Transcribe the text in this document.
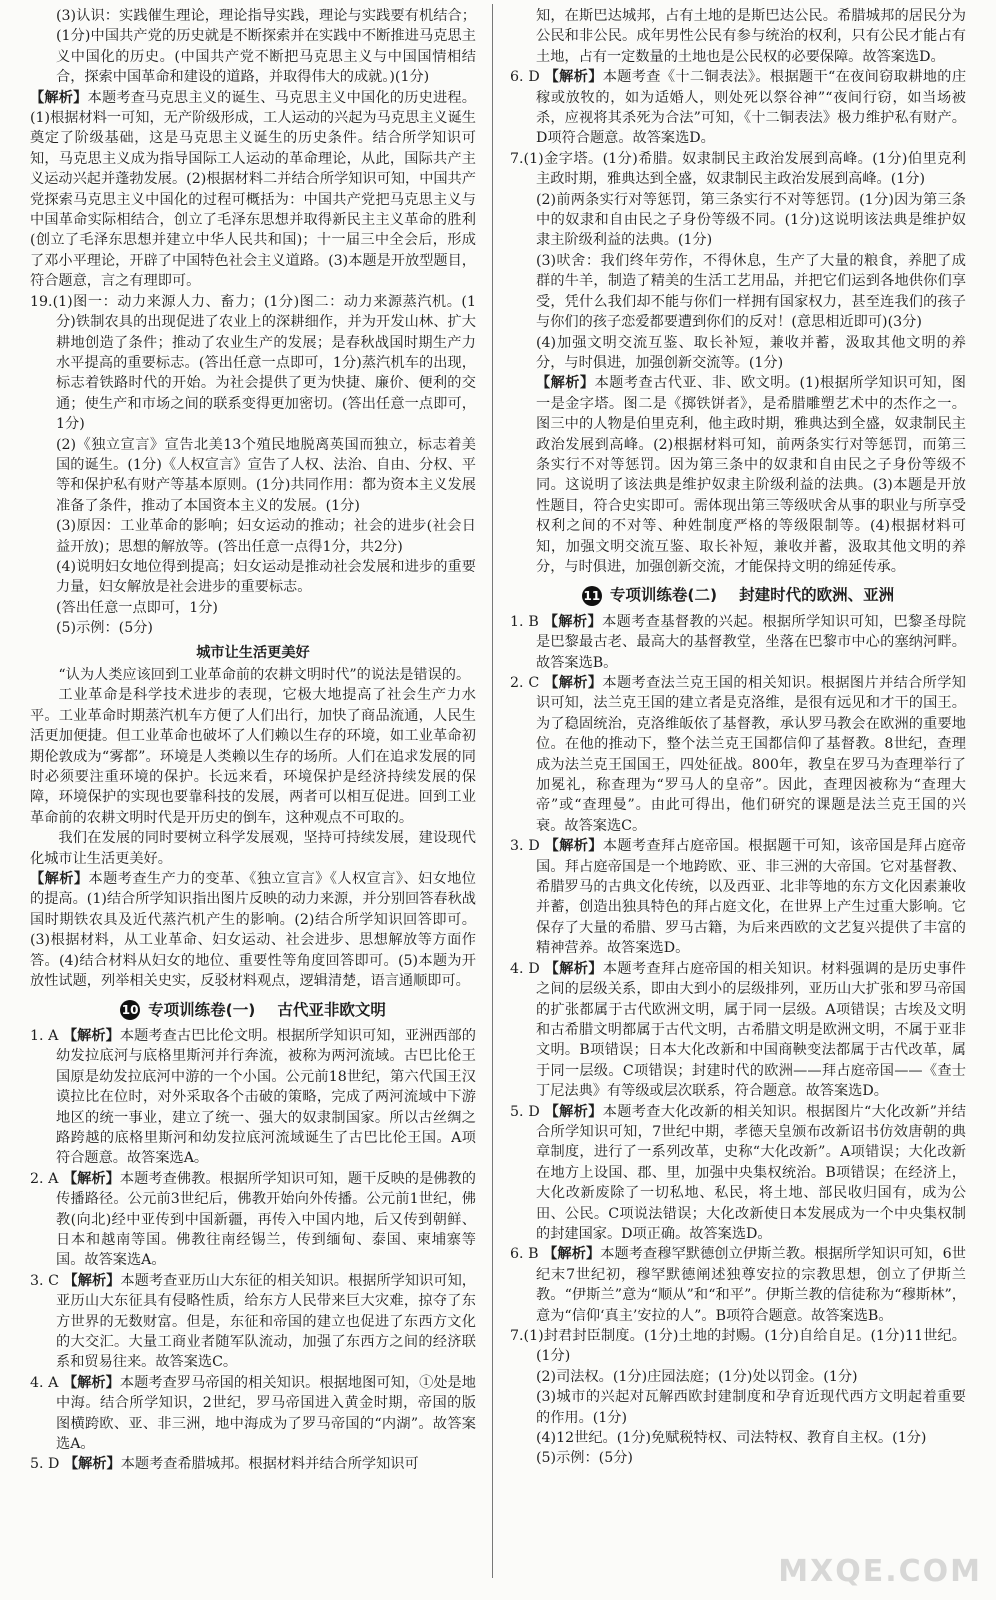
(3)认识：实践催生理论，理论指导实践，理论与实践要有机结合；(1分)中国共产党的历史就是不断探索并在实践中不断推进马克思主义中国化的历史。(中国共产党不断把马克思主义与中国国情相结合，探索中国革命和建设的道路，并取得伟大的成就。)(1分)

【解析】本题考查马克思主义的诞生、马克思主义中国化的历史进程。(1)根据材料一可知，无产阶级形成，工人运动的兴起为马克思主义诞生奠定了阶级基础，这是马克思主义诞生的历史条件。结合所学知识可知，马克思主义成为指导国际工人运动的革命理论，从此，国际共产主义运动兴起并蓬勃发展。(2)根据材料二并结合所学知识可知，中国共产党探索马克思主义中国化的过程可概括为：中国共产党把马克思主义与中国革命实际相结合，创立了毛泽东思想并取得新民主主义革命的胜利(创立了毛泽东思想并建立中华人民共和国)；十一届三中全会后，形成了邓小平理论，开辟了中国特色社会主义道路。(3)本题是开放型题目，符合题意，言之有理即可。

19.(1)图一：动力来源人力、畜力；(1分)图二：动力来源蒸汽机。(1分)铁制农具的出现促进了农业上的深耕细作，并为开发山林、扩大耕地创造了条件；推动了农业生产的发展；是春秋战国时期生产力水平提高的重要标志。(答出任意一点即可，1分)蒸汽机车的出现，标志着铁路时代的开始。为社会提供了更为快捷、廉价、便利的交通；使生产和市场之间的联系变得更加密切。(答出任意一点即可，1分)

(2)《独立宣言》宣告北美13个殖民地脱离英国而独立，标志着美国的诞生。(1分)《人权宣言》宣告了人权、法治、自由、分权、平等和保护私有财产等基本原则。(1分)共同作用：都为资本主义发展准备了条件，推动了本国资本主义的发展。(1分)

(3)原因：工业革命的影响；妇女运动的推动；社会的进步(社会日益开放)；思想的解放等。(答出任意一点得1分，共2分)

(4)说明妇女地位得到提高；妇女运动是推动社会发展和进步的重要力量，妇女解放是社会进步的重要标志。

(答出任意一点即可，1分)

(5)示例：(5分)

城市让生活更美好

“认为人类应该回到工业革命前的农耕文明时代”的说法是错误的。

工业革命是科学技术进步的表现，它极大地提高了社会生产力水平。工业革命时期蒸汽机车方便了人们出行，加快了商品流通，人民生活更加便捷。但工业革命也破坏了人们赖以生存的环境，如工业革命初期伦敦成为“雾都”。环境是人类赖以生存的场所。人们在追求发展的同时必须要注重环境的保护。长远来看，环境保护是经济持续发展的保障，环境保护的实现也要靠科技的发展，两者可以相互促进。回到工业革命前的农耕文明时代是开历史的倒车，这种观点不可取的。

我们在发展的同时要树立科学发展观，坚持可持续发展，建设现代化城市让生活更美好。

【解析】本题考查生产力的变革、《独立宣言》《人权宣言》、妇女地位的提高。(1)结合所学知识指出图片反映的动力来源，并分别回答春秋战国时期铁农具及近代蒸汽机产生的影响。(2)结合所学知识回答即可。(3)根据材料，从工业革命、妇女运动、社会进步、思想解放等方面作答。(4)结合材料从妇女的地位、重要性等角度回答即可。(5)本题为开放性试题，列举相关史实，反驳材料观点，逻辑清楚，语言通顺即可。

10 专项训练卷(一) 古代亚非欧文明

1. A 【解析】本题考查古巴比伦文明。根据所学知识可知，亚洲西部的幼发拉底河与底格里斯河并行奔流，被称为两河流域。古巴比伦王国原是幼发拉底河中游的一个小国。公元前18世纪，第六代国王汉谟拉比在位时，对外采取各个击破的策略，完成了两河流域中下游地区的统一事业，建立了统一、强大的奴隶制国家。所以古丝绸之路跨越的底格里斯河和幼发拉底河流域诞生了古巴比伦王国。A项符合题意。故答案选A。

2. A 【解析】本题考查佛教。根据所学知识可知，题干反映的是佛教的传播路径。公元前3世纪后，佛教开始向外传播。公元前1世纪，佛教(向北)经中亚传到中国新疆，再传入中国内地，后又传到朝鲜、日本和越南等国。佛教往南经锡兰，传到缅甸、泰国、柬埔寨等国。故答案选A。

3. C 【解析】本题考查亚历山大东征的相关知识。根据所学知识可知，亚历山大东征具有侵略性质，给东方人民带来巨大灾难，掠夺了东方世界的无数财富。但是，东征和帝国的建立也促进了东西方文化的大交汇。大量工商业者随军队流动，加强了东西方之间的经济联系和贸易往来。故答案选C。

4. A 【解析】本题考查罗马帝国的相关知识。根据地图可知，①处是地中海。结合所学知识，2世纪，罗马帝国进入黄金时期，帝国的版图横跨欧、亚、非三洲，地中海成为了罗马帝国的“内湖”。故答案选A。

5. D 【解析】本题考查希腊城邦。根据材料并结合所学知识可

知，在斯巴达城邦，占有土地的是斯巴达公民。希腊城邦的居民分为公民和非公民。成年男性公民有参与统治的权利，只有公民才能占有土地，占有一定数量的土地也是公民权的必要保障。故答案选D。

6. D 【解析】本题考查《十二铜表法》。根据题干“在夜间窃取耕地的庄稼或放牧的，如为适婚人，则处死以祭谷神”“夜间行窃，如当场被杀，应视将其杀死为合法”可知，《十二铜表法》极力维护私有财产。D项符合题意。故答案选D。

7.(1)金字塔。(1分)希腊。奴隶制民主政治发展到高峰。(1分)伯里克利主政时期，雅典达到全盛，奴隶制民主政治发展到高峰。(1分)

(2)前两条实行对等惩罚，第三条实行不对等惩罚。(1分)因为第三条中的奴隶和自由民之子身份等级不同。(1分)这说明该法典是维护奴隶主阶级利益的法典。(1分)

(3)吠舍：我们终年劳作，不得休息，生产了大量的粮食，养肥了成群的牛羊，制造了精美的生活工艺用品，并把它们运到各地供你们享受，凭什么我们却不能与你们一样拥有国家权力，甚至连我们的孩子与你们的孩子恋爱都要遭到你们的反对！(意思相近即可)(3分)

(4)加强文明交流互鉴、取长补短，兼收并蓄，汲取其他文明的养分，与时俱进，加强创新交流等。(1分)

【解析】本题考查古代亚、非、欧文明。(1)根据所学知识可知，图一是金字塔。图二是《掷铁饼者》，是希腊雕塑艺术中的杰作之一。图三中的人物是伯里克利，他主政时期，雅典达到全盛，奴隶制民主政治发展到高峰。(2)根据材料可知，前两条实行对等惩罚，而第三条实行不对等惩罚。因为第三条中的奴隶和自由民之子身份等级不同。这说明了该法典是维护奴隶主阶级利益的法典。(3)本题是开放性题目，符合史实即可。需体现出第三等级吠舍从事的职业与所享受权利之间的不对等、种姓制度严格的等级限制等。(4)根据材料可知，加强文明交流互鉴、取长补短，兼收并蓄，汲取其他文明的养分，与时俱进，加强创新交流，才能保持文明的绵延传承。

11 专项训练卷(二) 封建时代的欧洲、亚洲

1. B 【解析】本题考查基督教的兴起。根据所学知识可知，巴黎圣母院是巴黎最古老、最高大的基督教堂，坐落在巴黎市中心的塞纳河畔。故答案选B。

2. C 【解析】本题考查法兰克王国的相关知识。根据图片并结合所学知识可知，法兰克王国的建立者是克洛维，是很有远见和才干的国王。为了稳固统治，克洛维皈依了基督教，承认罗马教会在欧洲的重要地位。在他的推动下，整个法兰克王国都信仰了基督教。8世纪，查理成为法兰克王国国王，四处征战。800年，教皇在罗马为查理举行了加冕礼，称查理为“罗马人的皇帝”。因此，查理因被称为“查理大帝”或“查理曼”。由此可得出，他们研究的课题是法兰克王国的兴衰。故答案选C。

3. D 【解析】本题考查拜占庭帝国。根据题干可知，该帝国是拜占庭帝国。拜占庭帝国是一个地跨欧、亚、非三洲的大帝国。它对基督教、希腊罗马的古典文化传统，以及西亚、北非等地的东方文化因素兼收并蓄，创造出独具特色的拜占庭文化，在世界上产生过重大影响。它保存了大量的希腊、罗马古籍，为后来西欧的文艺复兴提供了丰富的精神营养。故答案选D。

4. D 【解析】本题考查拜占庭帝国的相关知识。材料强调的是历史事件之间的层级关系，即由大到小的层级排列，亚历山大扩张和罗马帝国的扩张都属于古代欧洲文明，属于同一层级。A项错误；古埃及文明和古希腊文明都属于古代文明，古希腊文明是欧洲文明，不属于亚非文明。B项错误；日本大化改新和中国商鞅变法都属于古代改革，属于同一层级。C项错误；封建时代的欧洲——拜占庭帝国——《查士丁尼法典》有等级或层次联系，符合题意。故答案选D。

5. D 【解析】本题考查大化改新的相关知识。根据图片“大化改新”并结合所学知识可知，7世纪中期，孝德天皇颁布改新诏书仿效唐朝的典章制度，进行了一系列改革，史称“大化改新”。A项错误；大化改新在地方上设国、郡、里，加强中央集权统治。B项错误；在经济上，大化改新废除了一切私地、私民，将土地、部民收归国有，成为公田、公民。C项说法错误；大化改新使日本发展成为一个中央集权制的封建国家。D项正确。故答案选D。

6. B 【解析】本题考查穆罕默德创立伊斯兰教。根据所学知识可知，6世纪末7世纪初，穆罕默德阐述独尊安拉的宗教思想，创立了伊斯兰教。“伊斯兰”意为“顺从”和“和平”。伊斯兰教的信徒称为“穆斯林”，意为“信仰‘真主’安拉的人”。B项符合题意。故答案选B。

7.(1)封君封臣制度。(1分)土地的封赐。(1分)自给自足。(1分)11世纪。(1分)

(2)司法权。(1分)庄园法庭；(1分)处以罚金。(1分)

(3)城市的兴起对瓦解西欧封建制度和孕育近现代西方文明起着重要的作用。(1分)

(4)12世纪。(1分)免赋税特权、司法特权、教育自主权。(1分)

(5)示例：(5分)

MXQE.COM
